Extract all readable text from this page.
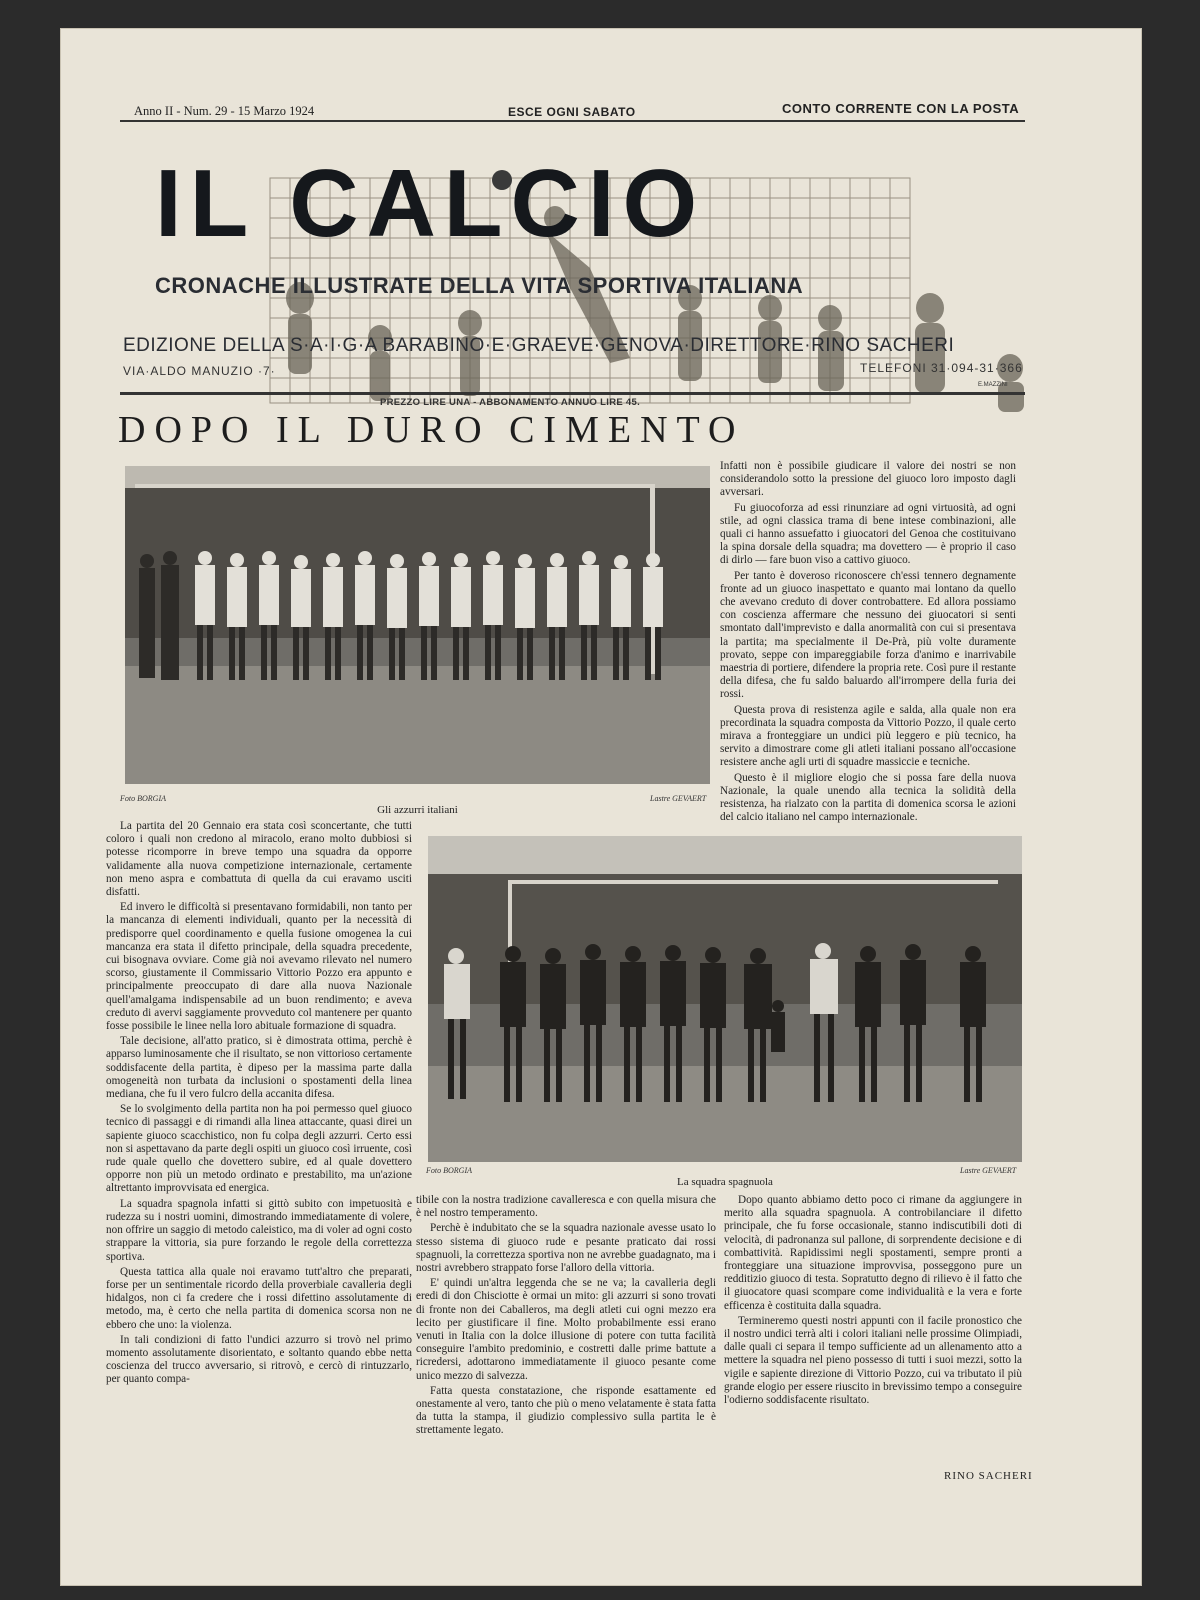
Anno II - Num. 29 - 15 Marzo 1924	ESCE OGNI SABATO	CONTO CORRENTE CON LA POSTA
IL CALCIO
CRONACHE ILLUSTRATE DELLA VITA SPORTIVA ITALIANA
EDIZIONE DELLA S·A·I·G·A BARABINO·E·GRAEVE·GENOVA·DIRETTORE·RINO SACHERI
VIA·ALDO MANUZIO ·7·	TELEFONI 31·094-31·366
E.MAZZINI
PREZZO LIRE UNA - ABBONAMENTO ANNUO LIRE 45.
DOPO IL DURO CIMENTO
Foto BORGIA	Lastre GEVAERT
Gli azzurri italiani

Infatti non è possibile giudicare il valore dei nostri se non considerandolo sotto la pressione del giuoco loro imposto dagli avversari.

Fu giuocoforza ad essi rinunziare ad ogni virtuosità, ad ogni stile, ad ogni classica trama di bene intese combinazioni, alle quali ci hanno assuefatto i giuocatori del Genoa che costituivano la spina dorsale della squadra; ma dovettero — è proprio il caso di dirlo — fare buon viso a cattivo giuoco.

Per tanto è doveroso riconoscere ch'essi tennero degnamente fronte ad un giuoco inaspettato e quanto mai lontano da quello che avevano creduto di dover controbattere. Ed allora possiamo con coscienza affermare che nessuno dei giuocatori si senti smontato dall'imprevisto e dalla anormalità con cui si presentava la partita; ma specialmente il De-Prà, più volte duramente provato, seppe con impareggiabile forza d'animo e inarrivabile maestria di portiere, difendere la propria rete. Così pure il restante della difesa, che fu saldo baluardo all'irrompere della furia dei rossi.

Questa prova di resistenza agile e salda, alla quale non era precordinata la squadra composta da Vittorio Pozzo, il quale certo mirava a fronteggiare un undici più leggero e più tecnico, ha servito a dimostrare come gli atleti italiani possano all'occasione resistere anche agli urti di squadre massiccie e tecniche.

Questo è il migliore elogio che si possa fare della nuova Nazionale, la quale unendo alla tecnica la solidità della resistenza, ha rialzato con la partita di domenica scorsa le azioni del calcio italiano nel campo internazionale.

Foto BORGIA	Lastre GEVAERT
La squadra spagnuola

La partita del 20 Gennaio era stata così sconcertante, che tutti coloro i quali non credono al miracolo, erano molto dubbiosi si potesse ricomporre in breve tempo una squadra da opporre validamente alla nuova competizione internazionale, certamente non meno aspra e combattuta di quella da cui eravamo usciti disfatti.

Ed invero le difficoltà si presentavano formidabili, non tanto per la mancanza di elementi individuali, quanto per la necessità di predisporre quel coordinamento e quella fusione omogenea la cui mancanza era stata il difetto principale, della squadra precedente, cui bisognava ovviare. Come già noi avevamo rilevato nel numero scorso, giustamente il Commissario Vittorio Pozzo era appunto e principalmente preoccupato di dare alla nuova Nazionale quell'amalgama indispensabile ad un buon rendimento; e aveva creduto di avervi saggiamente provveduto col mantenere per quanto fosse possibile le linee nella loro abituale formazione di squadra.

Tale decisione, all'atto pratico, si è dimostrata ottima, perchè è apparso luminosamente che il risultato, se non vittorioso certamente soddisfacente della partita, è dipeso per la massima parte dalla omogeneità non turbata da inclusioni o spostamenti della linea mediana, che fu il vero fulcro della accanita difesa.

Se lo svolgimento della partita non ha poi permesso quel giuoco tecnico di passaggi e di rimandi alla linea attaccante, quasi direi un sapiente giuoco scacchistico, non fu colpa degli azzurri. Certo essi non si aspettavano da parte degli ospiti un giuoco così irruente, così rude quale quello che dovettero subire, ed al quale dovettero opporre non più un metodo ordinato e prestabilito, ma un'azione altrettanto improvvisata ed energica.

La squadra spagnola infatti si gittò subito con impetuosità e rudezza su i nostri uomini, dimostrando immediatamente di volere, non offrire un saggio di metodo caleistico, ma di voler ad ogni costo strappare la vittoria, sia pure forzando le regole della correttezza sportiva.

Questa tattica alla quale noi eravamo tutt'altro che preparati, forse per un sentimentale ricordo della proverbiale cavalleria degli hidalgos, non ci fa credere che i rossi difettino assolutamente di metodo, ma, è certo che nella partita di domenica scorsa non ne ebbero che uno: la violenza.

In tali condizioni di fatto l'undici azzurro si trovò nel primo momento assolutamente disorientato, e soltanto quando ebbe netta coscienza del trucco avversario, si ritrovò, e cercò di rintuzzarlo, per quanto compa-

tibile con la nostra tradizione cavalleresca e con quella misura che è nel nostro temperamento.

Perchè è indubitato che se la squadra nazionale avesse usato lo stesso sistema di giuoco rude e pesante praticato dai rossi spagnuoli, la correttezza sportiva non ne avrebbe guadagnato, ma i nostri avrebbero strappato forse l'alloro della vittoria.

E' quindi un'altra leggenda che se ne va; la cavalleria degli eredi di don Chisciotte è ormai un mito: gli azzurri si sono trovati di fronte non dei Caballeros, ma degli atleti cui ogni mezzo era lecito per giustificare il fine. Molto probabilmente essi erano venuti in Italia con la dolce illusione di potere con tutta facilità conseguire l'ambito predominio, e costretti dalle prime battute a ricredersi, adottarono immediatamente il giuoco pesante come unico mezzo di salvezza.

Fatta questa constatazione, che risponde esattamente ed onestamente al vero, tanto che più o meno velatamente è stata fatta da tutta la stampa, il giudizio complessivo sulla partita le è strettamente legato.

Dopo quanto abbiamo detto poco ci rimane da aggiungere in merito alla squadra spagnuola. A controbilanciare il difetto principale, che fu forse occasionale, stanno indiscutibili doti di velocità, di padronanza sul pallone, di sorprendente decisione e di combattività. Rapidissimi negli spostamenti, sempre pronti a fronteggiare una situazione improvvisa, posseggono pure un redditizio giuoco di testa. Sopratutto degno di rilievo è il fatto che il giuocatore quasi scompare come individualità e la vera e forte efficenza è costituita dalla squadra.

Termineremo questi nostri appunti con il facile pronostico che il nostro undici terrà alti i colori italiani nelle prossime Olimpiadi, dalle quali ci separa il tempo sufficiente ad un allenamento atto a mettere la squadra nel pieno possesso di tutti i suoi mezzi, sotto la vigile e sapiente direzione di Vittorio Pozzo, cui va tributato il più grande elogio per essere riuscito in brevissimo tempo a conseguire l'odierno soddisfacente risultato.

RINO SACHERI
